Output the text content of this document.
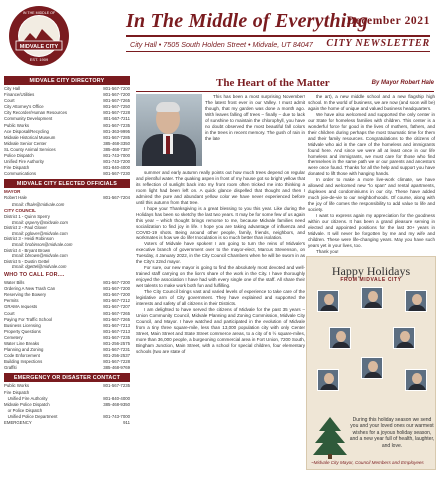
MIDVALE CITY
IN THE MIDDLE OF
EST. 1909
In The Middle of Everything
December 2021
City Hall • 7505 South Holden Street • Midvale, UT 84047 CITY NEWSLETTER
MIDVALE CITY DIRECTORY
City Hall	801-567-7200
Finance/Utilities	801-567-7200
Court	801-567-7265
City Attorney's Office	801-567-7250
City Recorder/Human Resources	801-567-7228
Community Development	801-567-7211
Public Works	801-567-7235
Ace Disposal/Recycling	801-363-9995
Midvale Historical Museum	801-567-7285
Midvale Senior Center	385-468-3350
SL County Animal Services	385-468-7387
Police Dispatch	801-743-7000
Unified Fire Authority	801-743-7200
Fire Dispatch	801-840-4000
Communications	801-567-7230
MIDVALE CITY ELECTED OFFICIALS
MAYOR
Robert Hale	801-567-7204
Email: rfhale@midvale.com
CITY COUNCIL
District 1 - Quinn Sperry
Email: qsperry@midvale.com
District 2 - Paul Glover
Email: pglover@midvale.com
District 3 - Heidi Robinson
Email: hrobinson@midvale.com
District 4 - Bryant Brown
Email: bbrown@midvale.com
District 5 - Dustin Gettel
Email: dgettel@midvale.com
WHO TO CALL FOR....
Water Bills	801-567-7200
Ordering A New Trash Can	801-567-7200
Reserving the Bowery	801-567-7200
Permits	801-567-7212
GRAMA requests	801-567-7207
Court	801-567-7265
Paying For Traffic School	801-567-7265
Business Licensing	801-567-7213
Property Questions	801-567-7213
Cemetery	801-567-7235
Water Line Breaks	801-256-2575
Planning and Zoning	801-567-7231
Code Enforcement	801-256-2537
Building Inspections	801-567-7228
Graffiti	385-468-9769
EMERGENCY OR DISASTER CONTACT
Public Works	801-567-7235
Fire Dispatch
Unified Fire Authority	801-840-4000
Midvale Police Dispatch	385-468-9350
or Police Dispatch
Unified Police Department	801-743-7000
EMERGENCY	911
The Heart of the Matter	By Mayor Robert Hale

This has been a most surprising November! The latest frost ever in our Valley. I must admit though, that my garden was done a month ago. With leaves falling off trees – finally – due to lack of sunshine to maintain the chlorophyll, you have no doubt observed the most beautiful fall colors in the trees in recent memory. The gush of rain in the late

summer and early autumn really points out how much trees depend on regular and plentiful water. The quaking aspen in front of my house got so bright yellow that its reflection of sunlight back into my front room often tricked me into thinking a room light had been left on. A quick glance dispelled that thought and then I admired the pure and abundant yellow color we have never experienced before until this autumn from that tree.

I hope your Thanksgiving is a great blessing to you this year. Like during the Holidays has been so sketchy the last two years. It may be for some few of us again this year – which thought brings remorse to me, because Midvale families need socialization to find joy in life. I hope you are taking advantage of influenza and COVID-19 shots. Being around other people, family, friends, neighbors, and workmates is how we do life! Inoculation is so much better than isolation.

Voters of Midvale have spoken! I am going to turn the reins of Midvale's executive branch of government over to the mayor-elect, Marcus Stevenson, on Tuesday, 4 January 2022, in the City Council Chambers when he will be sworn in as the City's 22nd mayor.

For sure, our new mayor is going to find the absolutely most devoted and well-trained staff carrying on the lion's share of the work in the City. I have thoroughly enjoyed the association I have had with every single one of the staff. All share their wet talents to make work both fun and fulfilling.

The City Council brings vast and varied levels of experience to take care of the legislative arm of City government. They have explained and supported the interests and safety of all citizens in their Districts.

I am delighted to have served the citizens of Midvale for the past 35 years – Union Community Council, Midvale Planning and Zoning Commission, Midvale City Council, and Mayor. I have watched and participated in the evolution of Midvale from a tiny three square-mile, less than 13,000 population city with only Center Street, Main Street and State Street commerce areas, to a city of 6 ½ square-miles, more than 36,000 people, a burgeoning commercial area in Fort Union, 7200 South, Bingham Junction, Main Street, with a school for special children, four elementary schools (two are state of

the art), a new middle school and a new flagship high school. In the world of business, we are now (and soon will be) again the home of unique and valued business headquarters.

We have also welcomed and supported the only center in our State for homeless families with children. This center is a wonderful force for good in the lives of mothers, fathers, and their children during perhaps the most traumatic time for them and their family resources. Congratulations to the citizens of Midvale who aid in the care of the homeless and immigrants found here. And since we were all at least once in our life homeless and immigrants, we must care for those who find themselves in the same path we or our parents and ancestors were once found. Thanks for all the help and support you have donated to lift those with hanging hands.

In order to make a more live-work climate, we have allowed and welcomed new "lo span" and rental apartments, duplexes and condominiums in our city. These have added much joie-de-vie to our neighborhoods. Of course, along with the joy of life comes the responsibility to add value to life and society.

I want to express again my appreciation for the goodness within our citizens. It has been a grand pleasure serving in elected and appointed positions for the last 30+ years in Midvale. It will never be forgotten by me and my wife and children. These were life-changing years. May you have such years yet in your lives, too.

Thank you!

Happy Holidays
FROM MIDVALE CITY
During this holiday season we send you and your loved ones our warmest wishes for a joyous holiday season, and a new year full of health, laughter, and love.
~Midvale City Mayor, Council Members and Employees
